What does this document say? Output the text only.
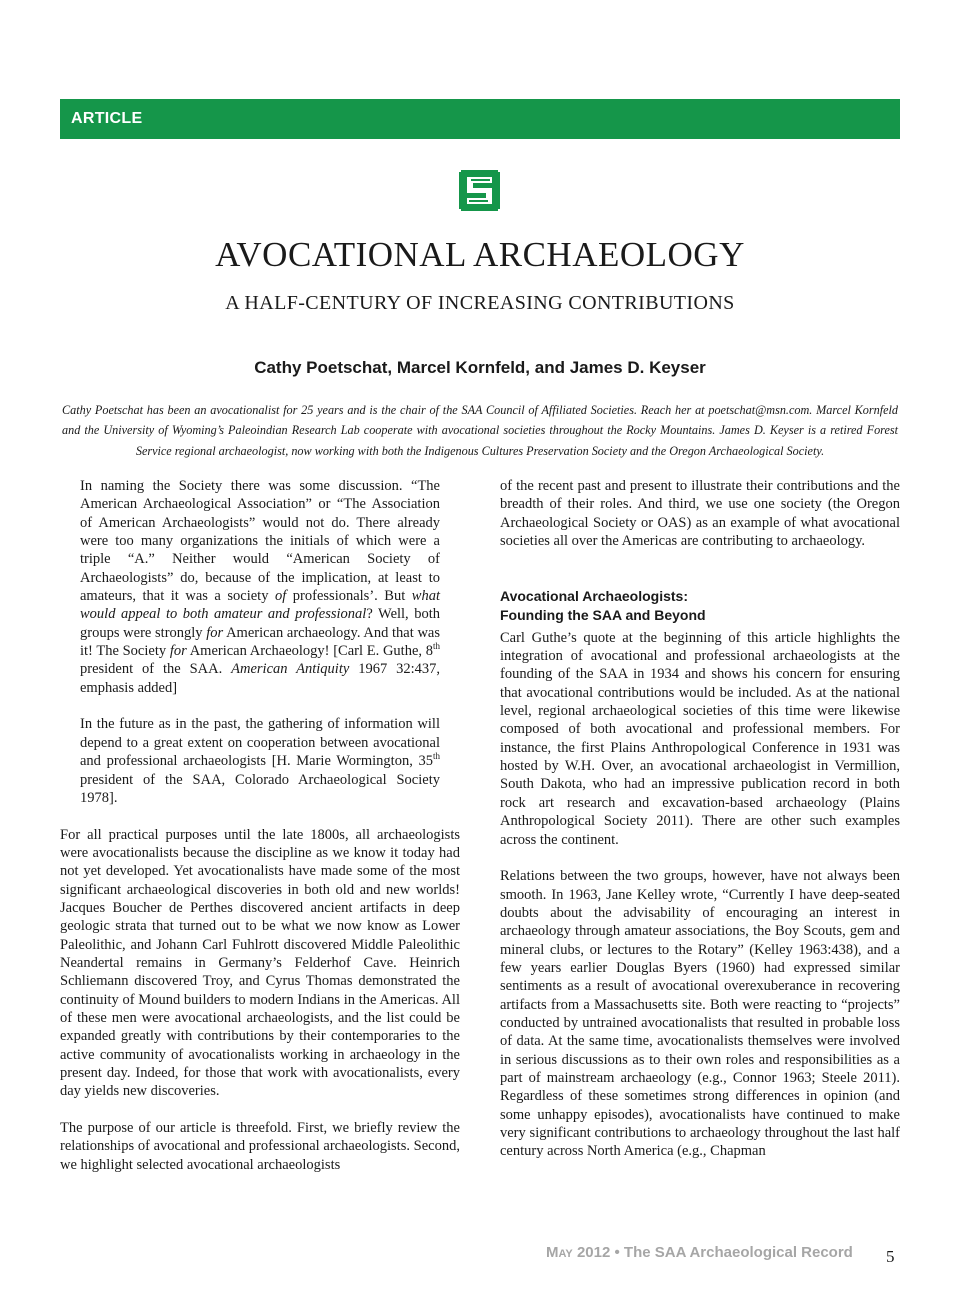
ARTICLE
AVOCATIONAL ARCHAEOLOGY
A HALF-CENTURY OF INCREASING CONTRIBUTIONS
Cathy Poetschat, Marcel Kornfeld, and James D. Keyser

Cathy Poetschat has been an avocationalist for 25 years and is the chair of the SAA Council of Affiliated Societies. Reach her at poetschat@msn.com. Marcel Kornfeld and the University of Wyoming’s Paleoindian Research Lab cooperate with avocational societies throughout the Rocky Mountains. James D. Keyser is a retired Forest Service regional archaeologist, now working with both the Indigenous Cultures Preservation Society and the Oregon Archaeological Society.

In naming the Society there was some discussion. “The American Archaeological Association” or “The Association of American Archaeologists” would not do. There already were too many organizations the initials of which were a triple “A.” Neither would “American Society of Archaeologists” do, because of the implication, at least to amateurs, that it was a society of professionals’. But what would appeal to both amateur and professional? Well, both groups were strongly for American archaeology. And that was it! The Society for American Archaeology! [Carl E. Guthe, 8th president of the SAA. American Antiquity 1967 32:437, emphasis added]

In the future as in the past, the gathering of information will depend to a great extent on cooperation between avocational and professional archaeologists [H. Marie Wormington, 35th president of the SAA, Colorado Archaeological Society 1978].

For all practical purposes until the late 1800s, all archaeologists were avocationalists because the discipline as we know it today had not yet developed. Yet avocationalists have made some of the most significant archaeological discoveries in both old and new worlds! Jacques Boucher de Perthes discovered ancient artifacts in deep geologic strata that turned out to be what we now know as Lower Paleolithic, and Johann Carl Fuhlrott discovered Middle Paleolithic Neandertal remains in Germany’s Felderhof Cave. Heinrich Schliemann discovered Troy, and Cyrus Thomas demonstrated the continuity of Mound builders to modern Indians in the Americas. All of these men were avocational archaeologists, and the list could be expanded greatly with contributions by their contemporaries to the active community of avocationalists working in archaeology in the present day. Indeed, for those that work with avocationalists, every day yields new discoveries.

The purpose of our article is threefold. First, we briefly review the relationships of avocational and professional archaeologists. Second, we highlight selected avocational archaeologists

of the recent past and present to illustrate their contributions and the breadth of their roles. And third, we use one society (the Oregon Archaeological Society or OAS) as an example of what avocational societies all over the Americas are contributing to archaeology.

Avocational Archaeologists:
Founding the SAA and Beyond

Carl Guthe’s quote at the beginning of this article highlights the integration of avocational and professional archaeologists at the founding of the SAA in 1934 and shows his concern for ensuring that avocational contributions would be included. As at the national level, regional archaeological societies of this time were likewise composed of both avocational and professional members. For instance, the first Plains Anthropological Conference in 1931 was hosted by W.H. Over, an avocational archaeologist in Vermillion, South Dakota, who had an impressive publication record in both rock art research and excavation-based archaeology (Plains Anthropological Society 2011). There are other such examples across the continent.

Relations between the two groups, however, have not always been smooth. In 1963, Jane Kelley wrote, “Currently I have deep-seated doubts about the advisability of encouraging an interest in archaeology through amateur associations, the Boy Scouts, gem and mineral clubs, or lectures to the Rotary” (Kelley 1963:438), and a few years earlier Douglas Byers (1960) had expressed similar sentiments as a result of avocational overexuberance in recovering artifacts from a Massachusetts site. Both were reacting to “projects” conducted by untrained avocationalists that resulted in probable loss of data. At the same time, avocationalists themselves were involved in serious discussions as to their own roles and responsibilities as a part of mainstream archaeology (e.g., Connor 1963; Steele 2011). Regardless of these sometimes strong differences in opinion (and some unhappy episodes), avocationalists have continued to make very significant contributions to archaeology throughout the last half century across North America (e.g., Chapman

May 2012 • The SAA Archaeological Record 5
